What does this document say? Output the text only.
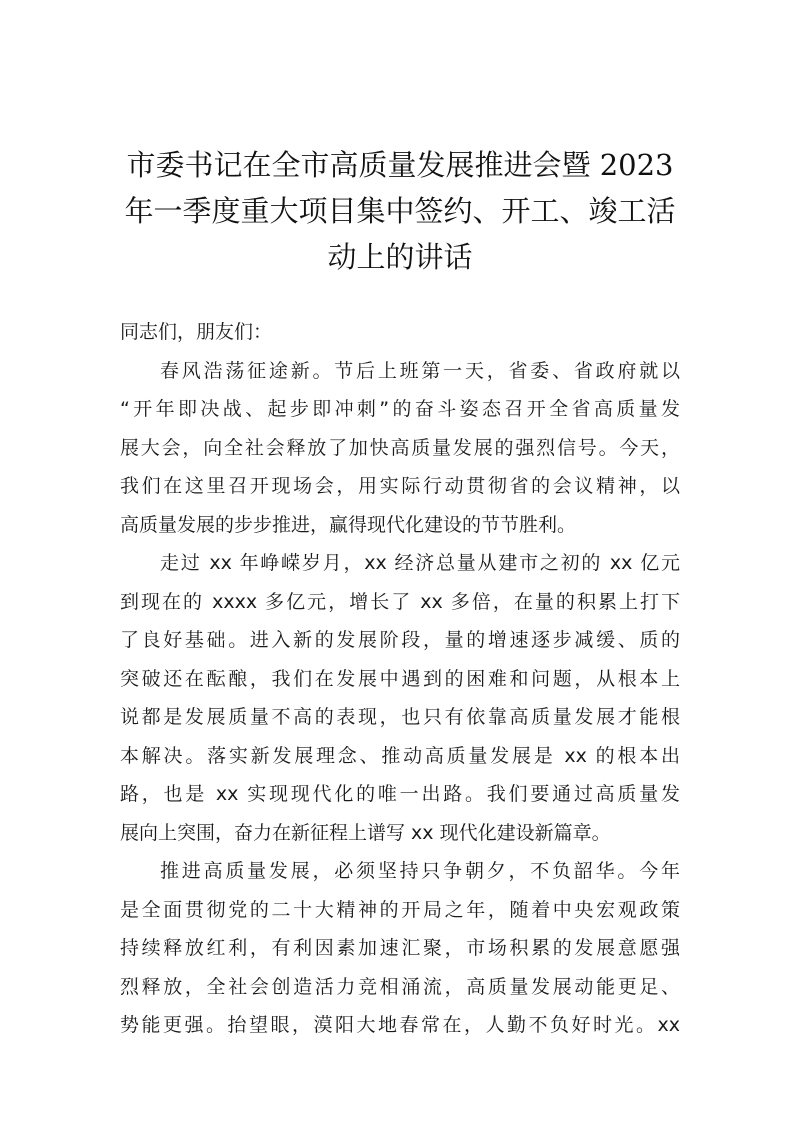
市委书记在全市高质量发展推进会暨 2023
年一季度重大项目集中签约、开工、竣工活
动上的讲话
同志们，朋友们：
春风浩荡征途新。节后上班第一天，省委、省政府就以
“开年即决战、起步即冲刺”的奋斗姿态召开全省高质量发
展大会，向全社会释放了加快高质量发展的强烈信号。今天，
我们在这里召开现场会，用实际行动贯彻省的会议精神，以
高质量发展的步步推进，赢得现代化建设的节节胜利。
走过 xx 年峥嵘岁月，xx 经济总量从建市之初的 xx 亿元
到现在的 xxxx 多亿元，增长了 xx 多倍，在量的积累上打下
了良好基础。进入新的发展阶段，量的增速逐步减缓、质的
突破还在酝酿，我们在发展中遇到的困难和问题，从根本上
说都是发展质量不高的表现，也只有依靠高质量发展才能根
本解决。落实新发展理念、推动高质量发展是 xx 的根本出
路，也是 xx 实现现代化的唯一出路。我们要通过高质量发
展向上突围，奋力在新征程上谱写 xx 现代化建设新篇章。
推进高质量发展，必须坚持只争朝夕，不负韶华。今年
是全面贯彻党的二十大精神的开局之年，随着中央宏观政策
持续释放红利，有利因素加速汇聚，市场积累的发展意愿强
烈释放，全社会创造活力竞相涌流，高质量发展动能更足、
势能更强。抬望眼，漠阳大地春常在，人勤不负好时光。xx
